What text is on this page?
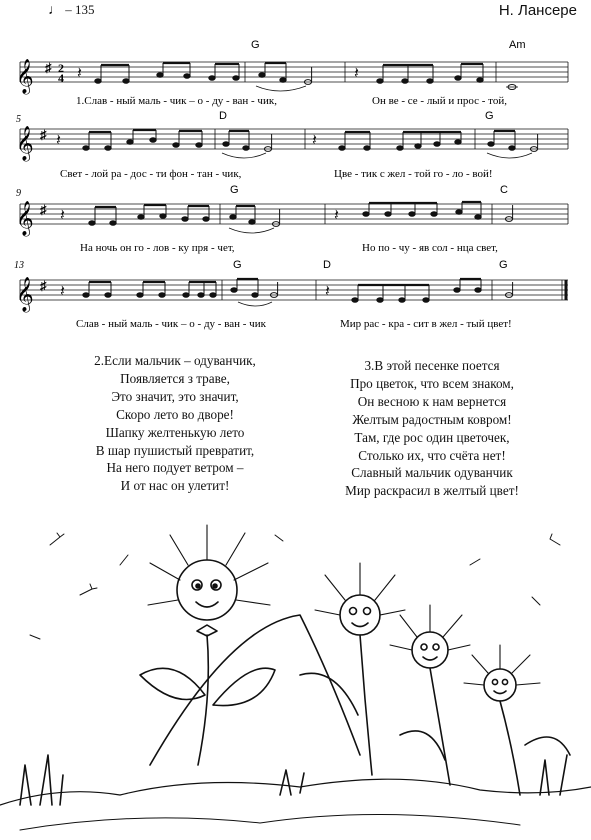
♩ – 135	Н. Лансере
𝄞 ♯ 2
4 𝄽	𝄽
G	Am
1.Слав - ный маль - чик – о - ду - ван - чик,	Он ве - се - лый и прос - той,
5
𝄞 ♯ 𝄽	𝄽
D	G
Свет - лой ра - дос - ти фон - тан - чик,	Цве - тик с жел - той го - ло - вой!
9
𝄞 ♯ 𝄽	𝄽
G	C
На ночь он го - лов - ку пря - чет,	Но по - чу - яв сол - нца свет,
13
𝄞 ♯ 𝄽	𝄽
G	D	G
Слав - ный маль - чик – о - ду - ван - чик	Мир рас - кра - сит в жел - тый цвет!
2.Если мальчик – одуванчик,
Появляется з траве,
Это значит, это значит,
Скоро лето во дворе!
Шапку желтенькую лето
В шар пушистый превратит,
На него подует ветром –
И от нас он улетит!
3.В этой песенке поется
Про цветок, что всем знаком,
Он весною к нам вернется
Желтым радостным ковром!
Там, где рос один цветочек,
Столько их, что счёта нет!
Славный мальчик одуванчик
Мир раскрасил в желтый цвет!
